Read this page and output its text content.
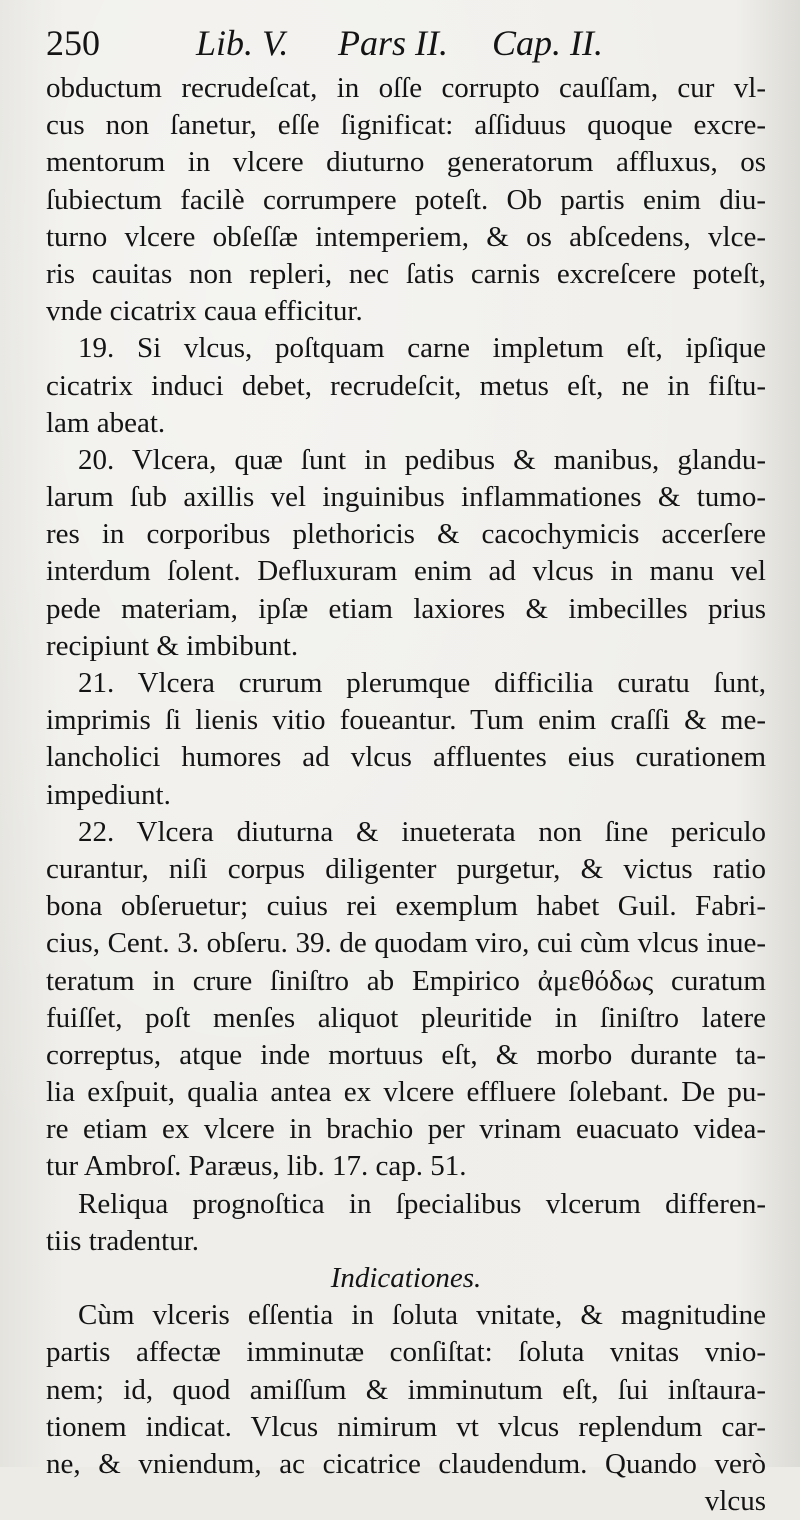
250	Lib. V. Pars II. Cap. II.
obductum recrudeſcat, in oſſe corrupto cauſſam, cur vl-
cus non ſanetur, eſſe ſignificat: aſſiduus quoque excre-
mentorum in vlcere diuturno generatorum affluxus, os
ſubiectum facilè corrumpere poteſt. Ob partis enim diu-
turno vlcere obſeſſæ intemperiem, & os abſcedens, vlce-
ris cauitas non repleri, nec ſatis carnis excreſcere poteſt,
vnde cicatrix caua efficitur.
19. Si vlcus, poſtquam carne impletum eſt, ipſique
cicatrix induci debet, recrudeſcit, metus eſt, ne in fiſtu-
lam abeat.
20. Vlcera, quæ ſunt in pedibus & manibus, glandu-
larum ſub axillis vel inguinibus inflammationes & tumo-
res in corporibus plethoricis & cacochymicis accerſere
interdum ſolent. Defluxuram enim ad vlcus in manu vel
pede materiam, ipſæ etiam laxiores & imbecilles prius
recipiunt & imbibunt.
21. Vlcera crurum plerumque difficilia curatu ſunt,
imprimis ſi lienis vitio foueantur. Tum enim craſſi & me-
lancholici humores ad vlcus affluentes eius curationem
impediunt.
22. Vlcera diuturna & inueterata non ſine periculo
curantur, niſi corpus diligenter purgetur, & victus ratio
bona obſeruetur; cuius rei exemplum habet Guil. Fabri-
cius, Cent. 3. obſeru. 39. de quodam viro, cui cùm vlcus inue-
teratum in crure ſiniſtro ab Empirico ἀμεθόδως curatum
fuiſſet, poſt menſes aliquot pleuritide in ſiniſtro latere
correptus, atque inde mortuus eſt, & morbo durante ta-
lia exſpuit, qualia antea ex vlcere effluere ſolebant. De pu-
re etiam ex vlcere in brachio per vrinam euacuato videa-
tur Ambroſ. Paræus, lib. 17. cap. 51.
Reliqua prognoſtica in ſpecialibus vlcerum differen-
tiis tradentur.
Indicationes.
Cùm vlceris eſſentia in ſoluta vnitate, & magnitudine
partis affectæ imminutæ conſiſtat: ſoluta vnitas vnio-
nem; id, quod amiſſum & imminutum eſt, ſui inſtaura-
tionem indicat. Vlcus nimirum vt vlcus replendum car-
ne, & vniendum, ac cicatrice claudendum. Quando verò
vlcus
